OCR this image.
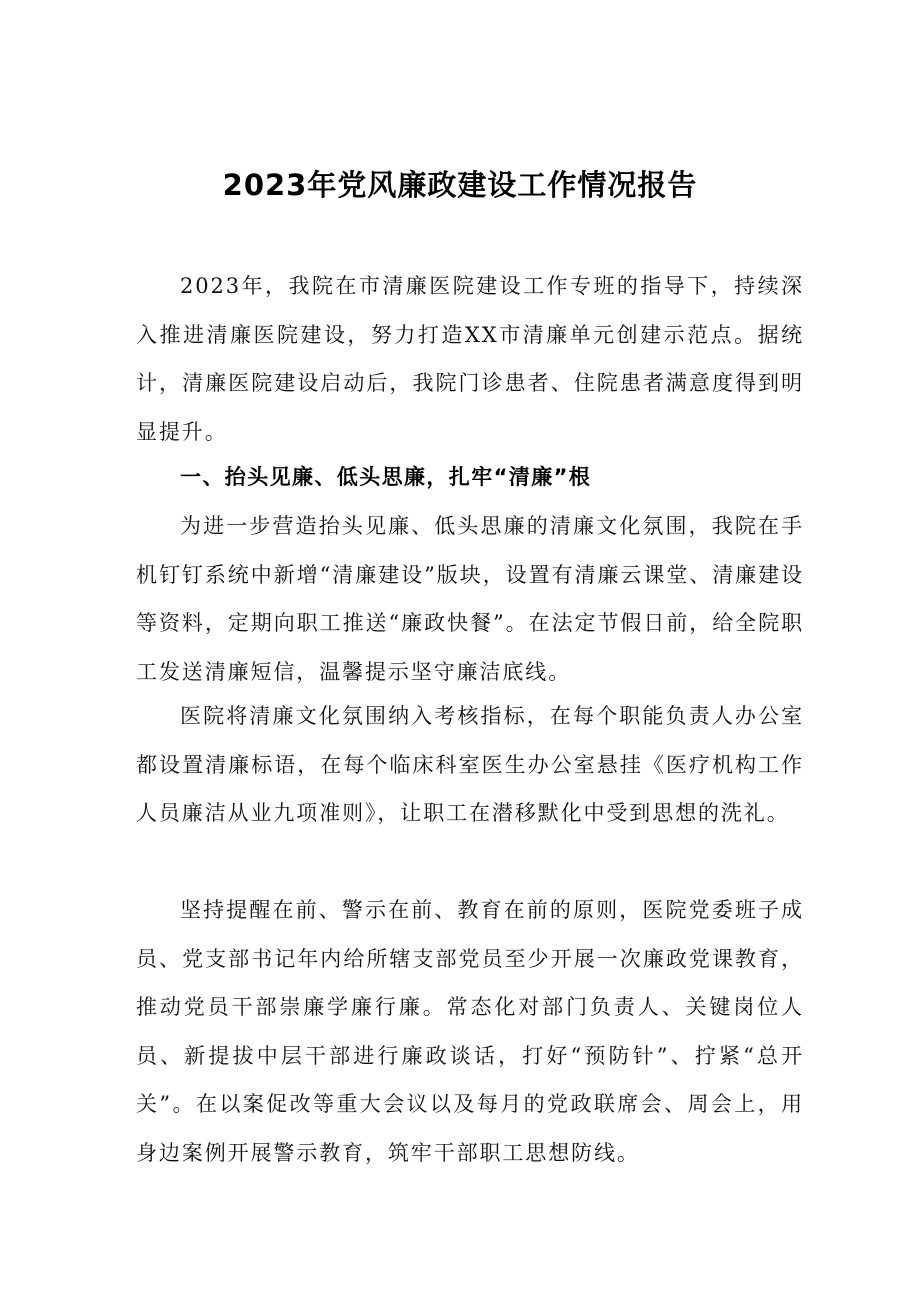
2023年党风廉政建设工作情况报告

2023年，我院在市清廉医院建设工作专班的指导下，持续深入推进清廉医院建设，努力打造XX市清廉单元创建示范点。据统计，清廉医院建设启动后，我院门诊患者、住院患者满意度得到明显提升。

一、抬头见廉、低头思廉，扎牢“清廉”根

为进一步营造抬头见廉、低头思廉的清廉文化氛围，我院在手机钉钉系统中新增“清廉建设”版块，设置有清廉云课堂、清廉建设等资料，定期向职工推送“廉政快餐”。在法定节假日前，给全院职工发送清廉短信，温馨提示坚守廉洁底线。

医院将清廉文化氛围纳入考核指标，在每个职能负责人办公室都设置清廉标语，在每个临床科室医生办公室悬挂《医疗机构工作人员廉洁从业九项准则》，让职工在潜移默化中受到思想的洗礼。

坚持提醒在前、警示在前、教育在前的原则，医院党委班子成员、党支部书记年内给所辖支部党员至少开展一次廉政党课教育，推动党员干部崇廉学廉行廉。常态化对部门负责人、关键岗位人员、新提拔中层干部进行廉政谈话，打好“预防针”、拧紧“总开关”。在以案促改等重大会议以及每月的党政联席会、周会上，用身边案例开展警示教育，筑牢干部职工思想防线。
